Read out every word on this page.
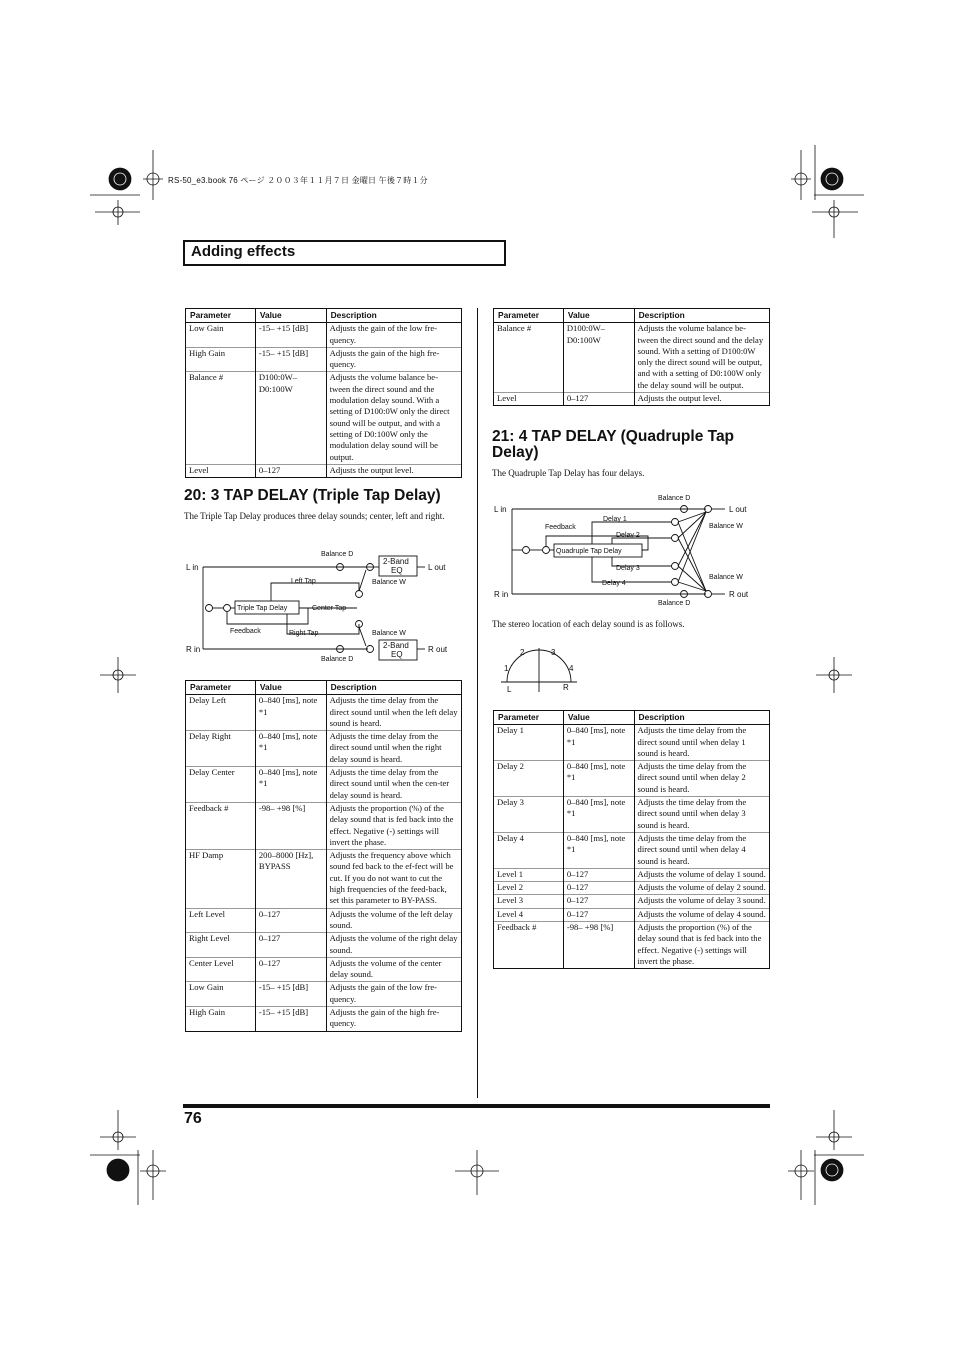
RS-50_e3.book 76 ページ ２００３年１１月７日 金曜日 午後７時１分
Adding effects
Parameter	Value	Description
Low Gain	-15– +15 [dB]	Adjusts the gain of the low fre-quency.
High Gain	-15– +15 [dB]	Adjusts the gain of the high fre-quency.
Balance #	D100:0W– D0:100W	Adjusts the volume balance be-tween the direct sound and the modulation delay sound. With a setting of D100:0W only the direct sound will be output, and with a setting of D0:100W only the modulation delay sound will be output.
Level	0–127	Adjusts the output level.
20: 3 TAP DELAY (Triple Tap Delay)
The Triple Tap Delay produces three delay sounds; center, left and right.
L in
R in
L out
R out
2-Band
EQ
2-Band
EQ
Balance D
Balance W
Left Tap
Center Tap
Right Tap
Triple Tap Delay
Feedback	Balance W
Balance D
Parameter	Value	Description
Delay Left	0–840 [ms], note *1	Adjusts the time delay from the direct sound until when the left delay sound is heard.
Delay Right	0–840 [ms], note *1	Adjusts the time delay from the direct sound until when the right delay sound is heard.
Delay Center	0–840 [ms], note *1	Adjusts the time delay from the direct sound until when the cen-ter delay sound is heard.
Feedback #	-98– +98 [%]	Adjusts the proportion (%) of the delay sound that is fed back into the effect. Negative (-) settings will invert the phase.
HF Damp	200–8000 [Hz], BYPASS	Adjusts the frequency above which sound fed back to the ef-fect will be cut. If you do not want to cut the high frequencies of the feed-back, set this parameter to BY-PASS.
Left Level	0–127	Adjusts the volume of the left delay sound.
Right Level	0–127	Adjusts the volume of the right delay sound.
Center Level	0–127	Adjusts the volume of the center delay sound.
Low Gain	-15– +15 [dB]	Adjusts the gain of the low fre-quency.
High Gain	-15– +15 [dB]	Adjusts the gain of the high fre-quency.
Parameter	Value	Description
Balance #	D100:0W– D0:100W	Adjusts the volume balance be-tween the direct sound and the delay sound. With a setting of D100:0W only the direct sound will be output, and with a setting of D0:100W only the delay sound will be output.
Level	0–127	Adjusts the output level.
21: 4 TAP DELAY (Quadruple Tap
Delay)
The Quadruple Tap Delay has four delays.
L in
R in
L out
R out
Balance D
Balance W
Balance W
Balance D
Delay 1
Delay 2
Delay 3
Delay 4
Feedback
Quadruple Tap Delay
The stereo location of each delay sound is as follows.
1
2	3
4
L	R
Parameter	Value	Description
Delay 1	0–840 [ms], note *1	Adjusts the time delay from the direct sound until when delay 1 sound is heard.
Delay 2	0–840 [ms], note *1	Adjusts the time delay from the direct sound until when delay 2 sound is heard.
Delay 3	0–840 [ms], note *1	Adjusts the time delay from the direct sound until when delay 3 sound is heard.
Delay 4	0–840 [ms], note *1	Adjusts the time delay from the direct sound until when delay 4 sound is heard.
Level 1	0–127	Adjusts the volume of delay 1 sound.
Level 2	0–127	Adjusts the volume of delay 2 sound.
Level 3	0–127	Adjusts the volume of delay 3 sound.
Level 4	0–127	Adjusts the volume of delay 4 sound.
Feedback #	-98– +98 [%]	Adjusts the proportion (%) of the delay sound that is fed back into the effect. Negative (-) settings will invert the phase.
76
